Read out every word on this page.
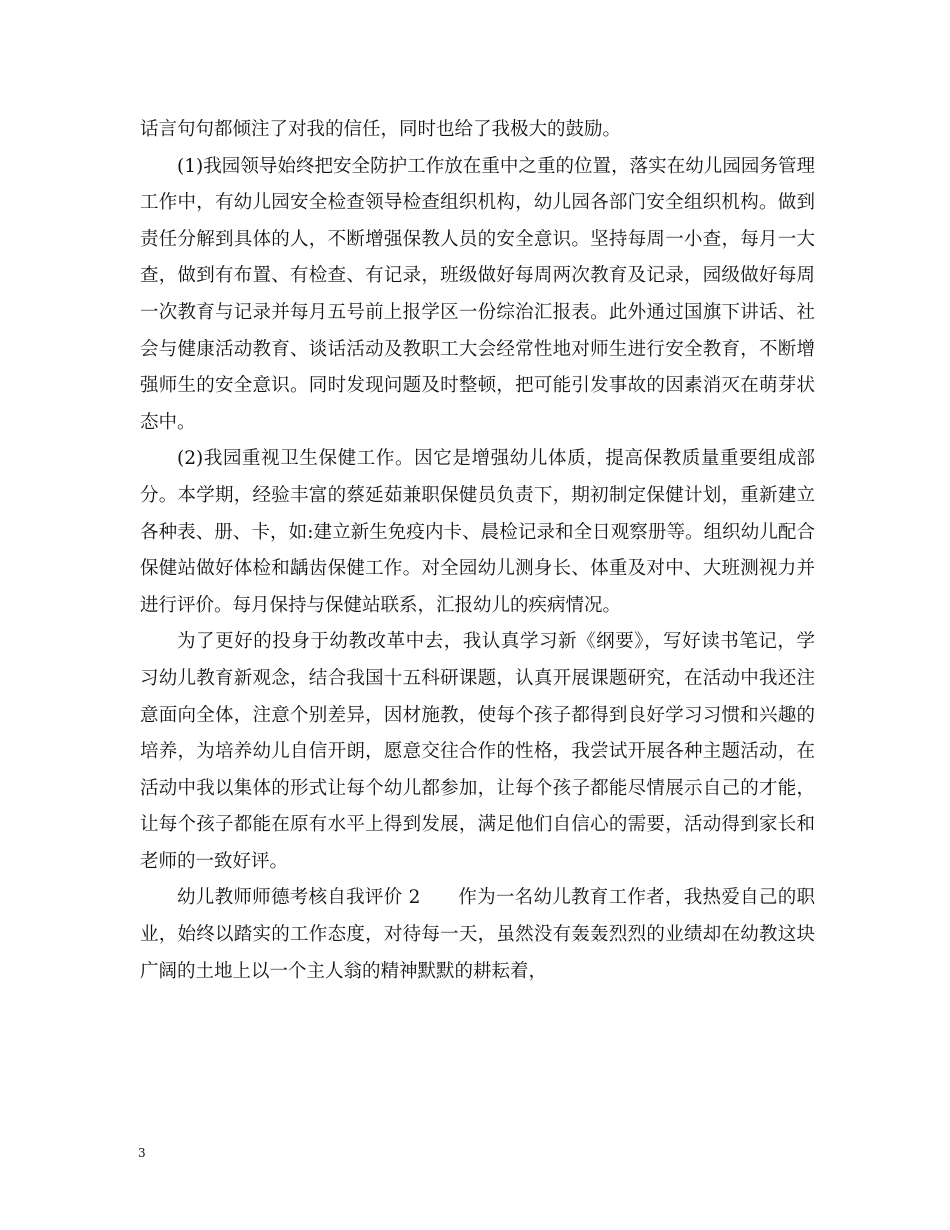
话言句句都倾注了对我的信任，同时也给了我极大的鼓励。

(1)我园领导始终把安全防护工作放在重中之重的位置，落实在幼儿园园务管理工作中，有幼儿园安全检查领导检查组织机构，幼儿园各部门安全组织机构。做到责任分解到具体的人，不断增强保教人员的安全意识。坚持每周一小查，每月一大查，做到有布置、有检查、有记录，班级做好每周两次教育及记录，园级做好每周一次教育与记录并每月五号前上报学区一份综治汇报表。此外通过国旗下讲话、社会与健康活动教育、谈话活动及教职工大会经常性地对师生进行安全教育，不断增强师生的安全意识。同时发现问题及时整顿，把可能引发事故的因素消灭在萌芽状态中。

(2)我园重视卫生保健工作。因它是增强幼儿体质，提高保教质量重要组成部分。本学期，经验丰富的蔡延茹兼职保健员负责下，期初制定保健计划，重新建立各种表、册、卡，如:建立新生免疫内卡、晨检记录和全日观察册等。组织幼儿配合保健站做好体检和龋齿保健工作。对全园幼儿测身长、体重及对中、大班测视力并进行评价。每月保持与保健站联系，汇报幼儿的疾病情况。

为了更好的投身于幼教改革中去，我认真学习新《纲要》，写好读书笔记，学习幼儿教育新观念，结合我国十五科研课题，认真开展课题研究，在活动中我还注意面向全体，注意个别差异，因材施教，使每个孩子都得到良好学习习惯和兴趣的培养，为培养幼儿自信开朗，愿意交往合作的性格，我尝试开展各种主题活动，在活动中我以集体的形式让每个幼儿都参加，让每个孩子都能尽情展示自己的才能，让每个孩子都能在原有水平上得到发展，满足他们自信心的需要，活动得到家长和老师的一致好评。

幼儿教师师德考核自我评价 2　　作为一名幼儿教育工作者，我热爱自己的职业，始终以踏实的工作态度，对待每一天，虽然没有轰轰烈烈的业绩却在幼教这块广阔的土地上以一个主人翁的精神默默的耕耘着，

3
